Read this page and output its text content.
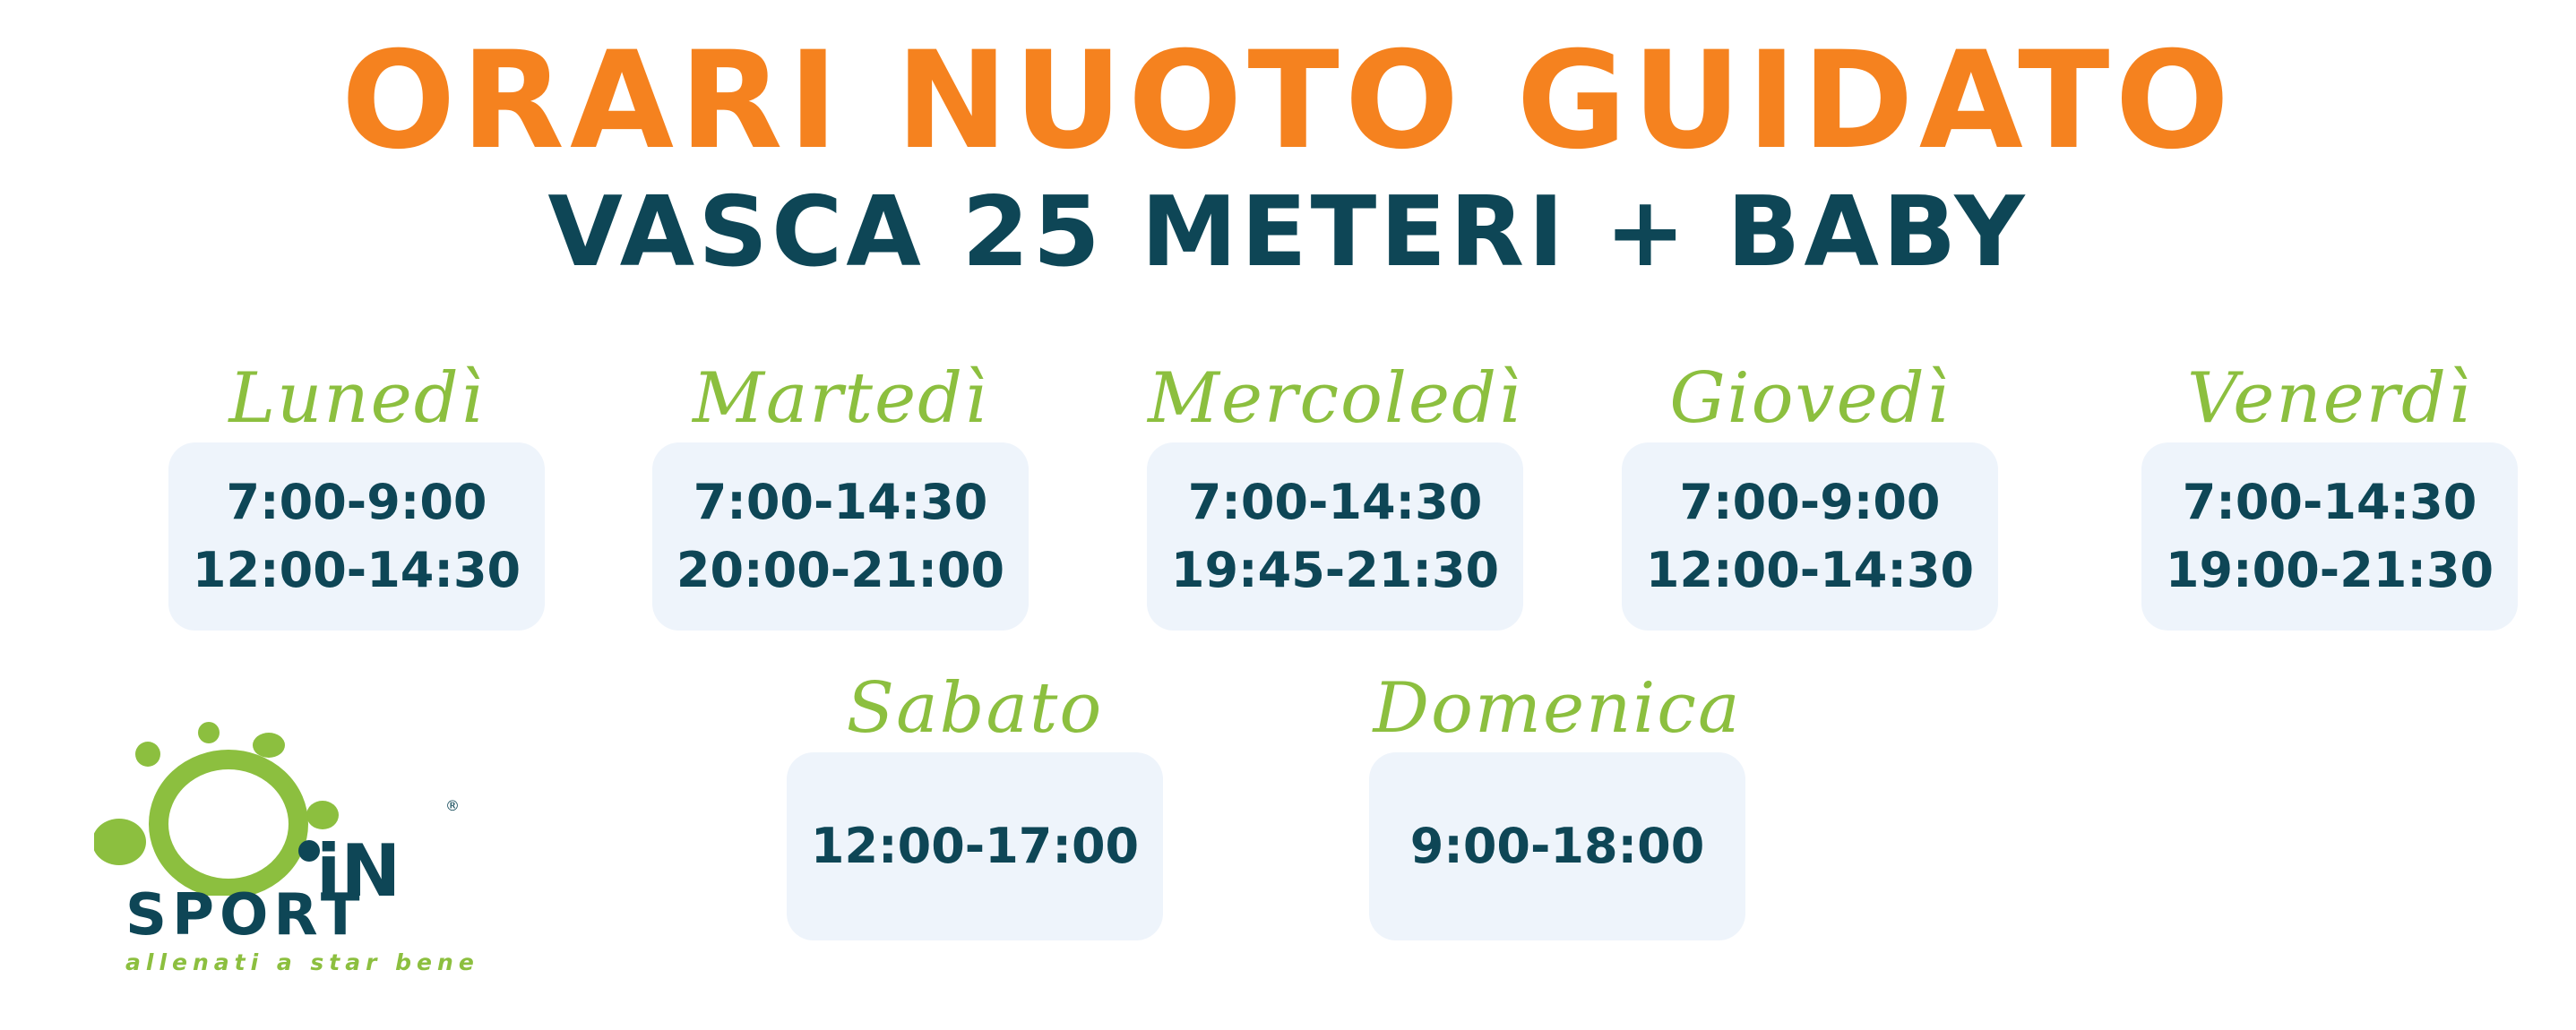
ORARI NUOTO GUIDATO
VASCA 25 METERI + BABY
Lunedì
7:00-9:00
12:00-14:30
Martedì
7:00-14:30
20:00-21:00
Mercoledì
7:00-14:30
19:45-21:30
Giovedì
7:00-9:00
12:00-14:30
Venerdì
7:00-14:30
19:00-21:30
Sabato
12:00-17:00
Domenica
9:00-18:00
iN
®
SPORT
allenati a star bene
